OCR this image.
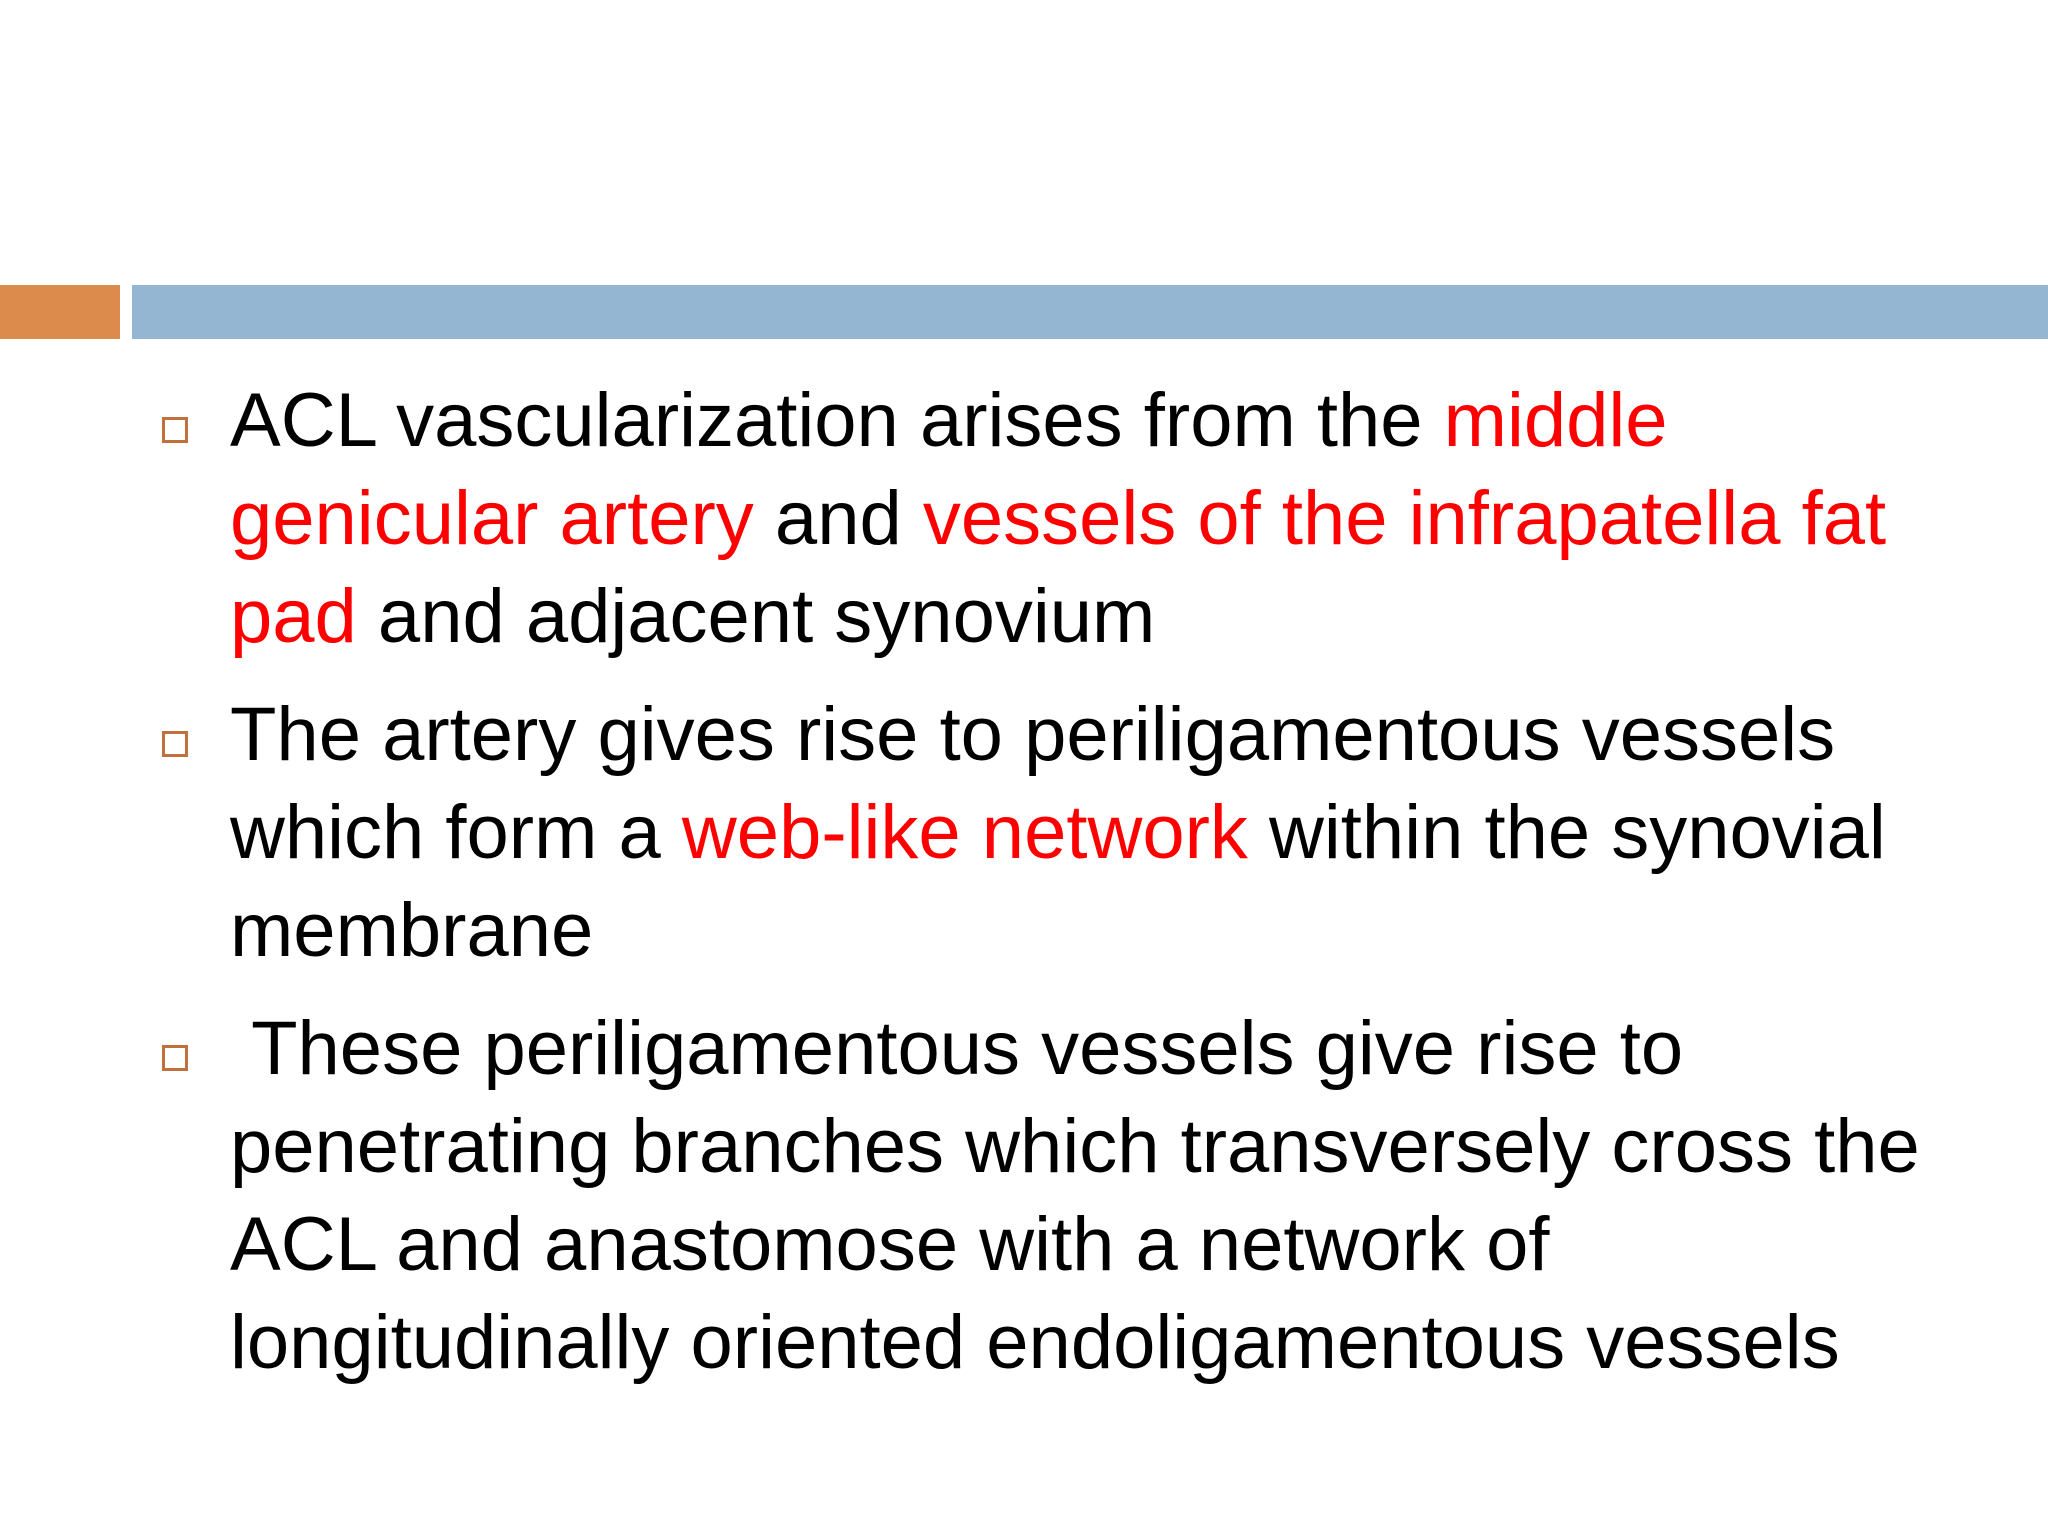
ACL vascularization arises from the middle genicular artery and vessels of the infrapatella fat pad and adjacent synovium
The artery gives rise to periligamentous vessels which form a web-like network within the synovial membrane
These periligamentous vessels give rise to penetrating branches which transversely cross the ACL and anastomose with a network of longitudinally oriented endoligamentous vessels
